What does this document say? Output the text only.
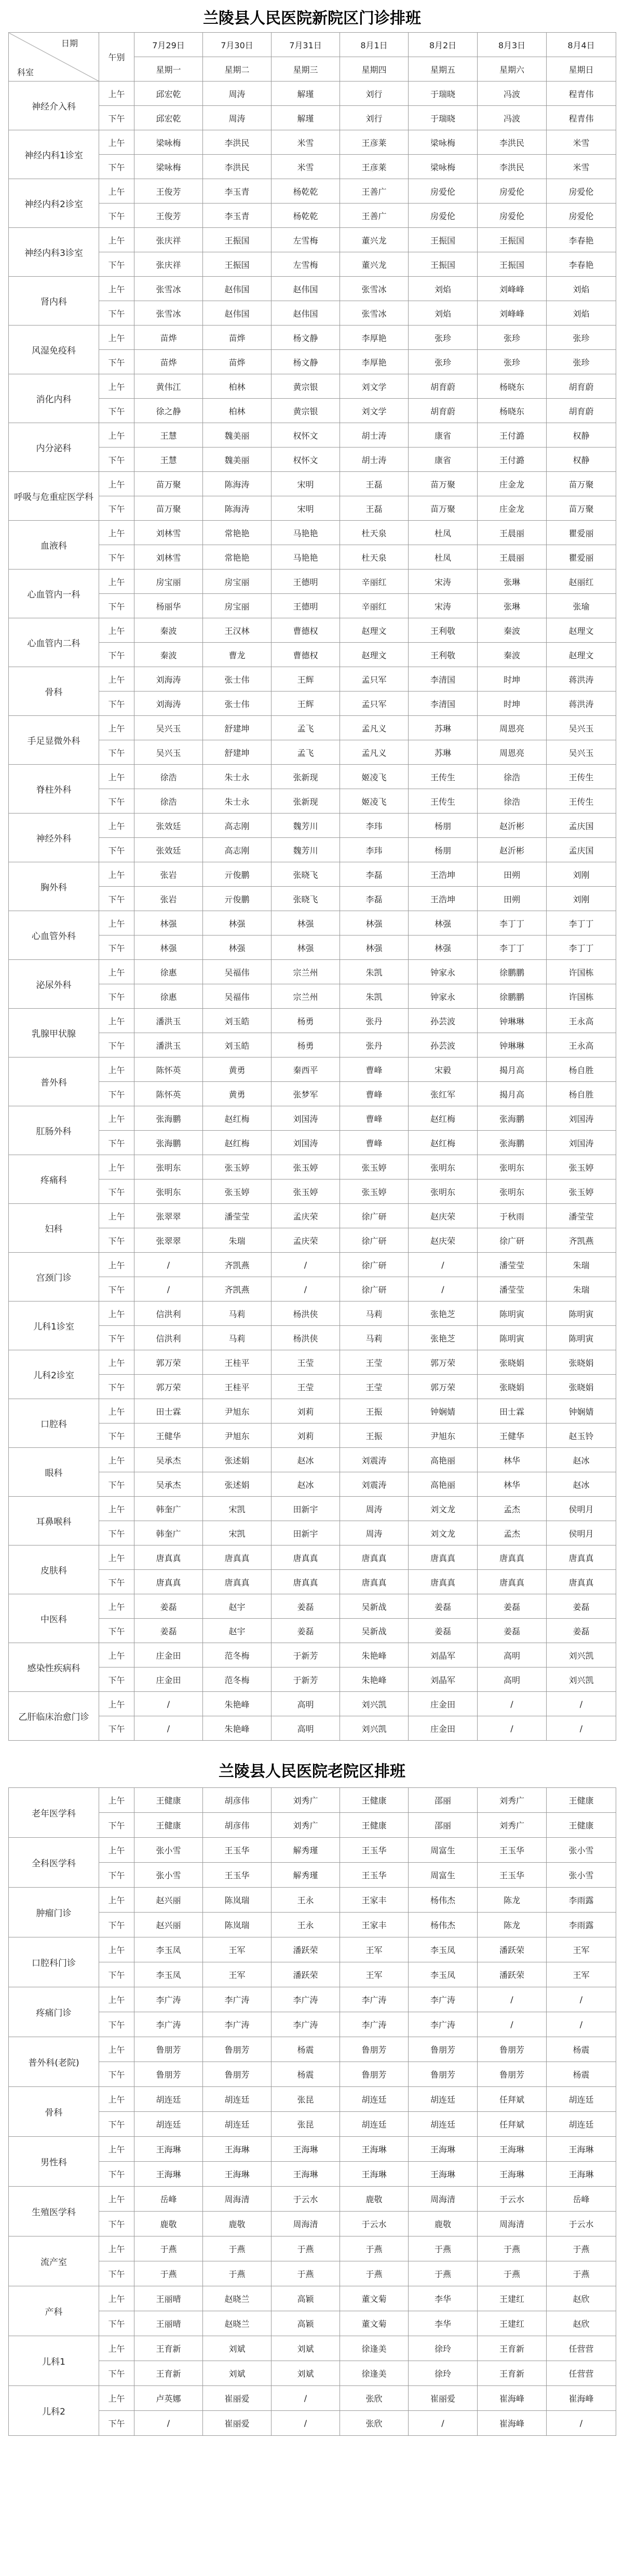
兰陵县人民医院新院区门诊排班
日期
科室	午别	7月29日	7月30日	7月31日	8月1日	8月2日	8月3日	8月4日
		星期一	星期二	星期三	星期四	星期五	星期六	星期日
神经介入科	上午	邱宏乾	周涛	解瑾	刘行	于瑞晓	冯波	程青伟
	下午	邱宏乾	周涛	解瑾	刘行	于瑞晓	冯波	程青伟
神经内科1诊室	上午	梁咏梅	李洪民	米雪	王彦莱	梁咏梅	李洪民	米雪
	下午	梁咏梅	李洪民	米雪	王彦莱	梁咏梅	李洪民	米雪
神经内科2诊室	上午	王俊芳	李玉青	杨乾乾	王善广	房爱伦	房爱伦	房爱伦
	下午	王俊芳	李玉青	杨乾乾	王善广	房爱伦	房爱伦	房爱伦
神经内科3诊室	上午	张庆祥	王振国	左雪梅	董兴龙	王振国	王振国	李春艳
	下午	张庆祥	王振国	左雪梅	董兴龙	王振国	王振国	李春艳
肾内科	上午	张雪冰	赵伟国	赵伟国	张雪冰	刘焰	刘峰峰	刘焰
	下午	张雪冰	赵伟国	赵伟国	张雪冰	刘焰	刘峰峰	刘焰
风湿免疫科	上午	苗烨	苗烨	杨文静	李厚艳	张珍	张珍	张珍
	下午	苗烨	苗烨	杨文静	李厚艳	张珍	张珍	张珍
消化内科	上午	黄伟江	柏林	黄宗银	刘文学	胡育蔚	杨晓东	胡育蔚
	下午	徐之静	柏林	黄宗银	刘文学	胡育蔚	杨晓东	胡育蔚
内分泌科	上午	王慧	魏美丽	权怀文	胡士涛	康省	王付潞	权静
	下午	王慧	魏美丽	权怀文	胡士涛	康省	王付潞	权静
呼吸与危重症医学科	上午	苗万聚	陈海涛	宋明	王磊	苗万聚	庄金龙	苗万聚
	下午	苗万聚	陈海涛	宋明	王磊	苗万聚	庄金龙	苗万聚
血液科	上午	刘林雪	常艳艳	马艳艳	杜天泉	杜凤	王晨丽	瞿爱丽
	下午	刘林雪	常艳艳	马艳艳	杜天泉	杜凤	王晨丽	瞿爱丽
心血管内一科	上午	房宝丽	房宝丽	王德明	辛丽红	宋涛	张琳	赵丽红
	下午	杨丽华	房宝丽	王德明	辛丽红	宋涛	张琳	张瑜
心血管内二科	上午	秦波	王汉林	曹德权	赵理文	王利敬	秦波	赵理文
	下午	秦波	曹龙	曹德权	赵理文	王利敬	秦波	赵理文
骨科	上午	刘海涛	张士伟	王辉	孟只军	李清国	时坤	蒋洪涛
	下午	刘海涛	张士伟	王辉	孟只军	李清国	时坤	蒋洪涛
手足显微外科	上午	吴兴玉	舒建坤	孟飞	孟凡义	苏琳	周恩亮	吴兴玉
	下午	吴兴玉	舒建坤	孟飞	孟凡义	苏琳	周恩亮	吴兴玉
脊柱外科	上午	徐浩	朱士永	张新现	姬凌飞	王传生	徐浩	王传生
	下午	徐浩	朱士永	张新现	姬凌飞	王传生	徐浩	王传生
神经外科	上午	张效廷	高志刚	魏芳川	李玮	杨朋	赵沂彬	孟庆国
	下午	张效廷	高志刚	魏芳川	李玮	杨朋	赵沂彬	孟庆国
胸外科	上午	张岩	亓俊鹏	张晓飞	李磊	王浩坤	田朔	刘刚
	下午	张岩	亓俊鹏	张晓飞	李磊	王浩坤	田朔	刘刚
心血管外科	上午	林强	林强	林强	林强	林强	李丁丁	李丁丁
	下午	林强	林强	林强	林强	林强	李丁丁	李丁丁
泌尿外科	上午	徐惠	吴福伟	宗兰州	朱凯	钟家永	徐鹏鹏	许国栋
	下午	徐惠	吴福伟	宗兰州	朱凯	钟家永	徐鹏鹏	许国栋
乳腺甲状腺	上午	潘洪玉	刘玉皓	杨勇	张丹	孙芸波	钟琳琳	王永高
	下午	潘洪玉	刘玉皓	杨勇	张丹	孙芸波	钟琳琳	王永高
普外科	上午	陈怀英	黄勇	秦西平	曹峰	宋毅	揭月高	杨自胜
	下午	陈怀英	黄勇	张梦军	曹峰	张红军	揭月高	杨自胜
肛肠外科	上午	张海鹏	赵红梅	刘国涛	曹峰	赵红梅	张海鹏	刘国涛
	下午	张海鹏	赵红梅	刘国涛	曹峰	赵红梅	张海鹏	刘国涛
疼痛科	上午	张明东	张玉婷	张玉婷	张玉婷	张明东	张明东	张玉婷
	下午	张明东	张玉婷	张玉婷	张玉婷	张明东	张明东	张玉婷
妇科	上午	张翠翠	潘莹莹	孟庆荣	徐广研	赵庆荣	于秋雨	潘莹莹
	下午	张翠翠	朱瑞	孟庆荣	徐广研	赵庆荣	徐广研	齐凯燕
宫颈门诊	上午	/	齐凯燕	/	徐广研	/	潘莹莹	朱瑞
	下午	/	齐凯燕	/	徐广研	/	潘莹莹	朱瑞
儿科1诊室	上午	信洪利	马莉	杨洪侠	马莉	张艳芝	陈明寅	陈明寅
	下午	信洪利	马莉	杨洪侠	马莉	张艳芝	陈明寅	陈明寅
儿科2诊室	上午	郭万荣	王桂平	王莹	王莹	郭万荣	张晓娟	张晓娟
	下午	郭万荣	王桂平	王莹	王莹	郭万荣	张晓娟	张晓娟
口腔科	上午	田士霖	尹旭东	刘莉	王振	钟娴婧	田士霖	钟娴婧
	下午	王健华	尹旭东	刘莉	王振	尹旭东	王健华	赵玉铃
眼科	上午	吴承杰	张述娟	赵冰	刘震涛	高艳丽	林华	赵冰
	下午	吴承杰	张述娟	赵冰	刘震涛	高艳丽	林华	赵冰
耳鼻喉科	上午	韩奎广	宋凯	田新宇	周涛	刘文龙	孟杰	侯明月
	下午	韩奎广	宋凯	田新宇	周涛	刘文龙	孟杰	侯明月
皮肤科	上午	唐真真	唐真真	唐真真	唐真真	唐真真	唐真真	唐真真
	下午	唐真真	唐真真	唐真真	唐真真	唐真真	唐真真	唐真真
中医科	上午	姜磊	赵宇	姜磊	吴新战	姜磊	姜磊	姜磊
	下午	姜磊	赵宇	姜磊	吴新战	姜磊	姜磊	姜磊
感染性疾病科	上午	庄金田	范冬梅	于新芳	朱艳峰	刘晶军	高明	刘兴凯
	下午	庄金田	范冬梅	于新芳	朱艳峰	刘晶军	高明	刘兴凯
乙肝临床治愈门诊	上午	/	朱艳峰	高明	刘兴凯	庄金田	/	/
	下午	/	朱艳峰	高明	刘兴凯	庄金田	/	/
兰陵县人民医院老院区排班
老年医学科	上午	王健康	胡彦伟	刘秀广	王健康	邵丽	刘秀广	王健康
	下午	王健康	胡彦伟	刘秀广	王健康	邵丽	刘秀广	王健康
全科医学科	上午	张小雪	王玉华	解秀瑾	王玉华	周富生	王玉华	张小雪
	下午	张小雪	王玉华	解秀瑾	王玉华	周富生	王玉华	张小雪
肿瘤门诊	上午	赵兴丽	陈岚瑞	王永	王家丰	杨伟杰	陈龙	李雨露
	下午	赵兴丽	陈岚瑞	王永	王家丰	杨伟杰	陈龙	李雨露
口腔科门诊	上午	李玉凤	王军	潘跃荣	王军	李玉凤	潘跃荣	王军
	下午	李玉凤	王军	潘跃荣	王军	李玉凤	潘跃荣	王军
疼痛门诊	上午	李广涛	李广涛	李广涛	李广涛	李广涛	/	/
	下午	李广涛	李广涛	李广涛	李广涛	李广涛	/	/
普外科(老院)	上午	鲁朋芳	鲁朋芳	杨震	鲁朋芳	鲁朋芳	鲁朋芳	杨震
	下午	鲁朋芳	鲁朋芳	杨震	鲁朋芳	鲁朋芳	鲁朋芳	杨震
骨科	上午	胡连廷	胡连廷	张昆	胡连廷	胡连廷	任拜斌	胡连廷
	下午	胡连廷	胡连廷	张昆	胡连廷	胡连廷	任拜斌	胡连廷
男性科	上午	王海琳	王海琳	王海琳	王海琳	王海琳	王海琳	王海琳
	下午	王海琳	王海琳	王海琳	王海琳	王海琳	王海琳	王海琳
生殖医学科	上午	岳峰	周海清	于云水	鹿敬	周海清	于云水	岳峰
	下午	鹿敬	鹿敬	周海清	于云水	鹿敬	周海清	于云水
流产室	上午	于燕	于燕	于燕	于燕	于燕	于燕	于燕
	下午	于燕	于燕	于燕	于燕	于燕	于燕	于燕
产科	上午	王丽晴	赵晓兰	高颖	董文菊	李华	王建红	赵欣
	下午	王丽晴	赵晓兰	高颖	董文菊	李华	王建红	赵欣
儿科1	上午	王育新	刘斌	刘斌	徐逢美	徐玲	王育新	任营营
	下午	王育新	刘斌	刘斌	徐逢美	徐玲	王育新	任营营
儿科2	上午	卢英娜	崔丽爱	/	张欣	崔丽爱	崔海峰	崔海峰
	下午	/	崔丽爱	/	张欣	/	崔海峰	/
